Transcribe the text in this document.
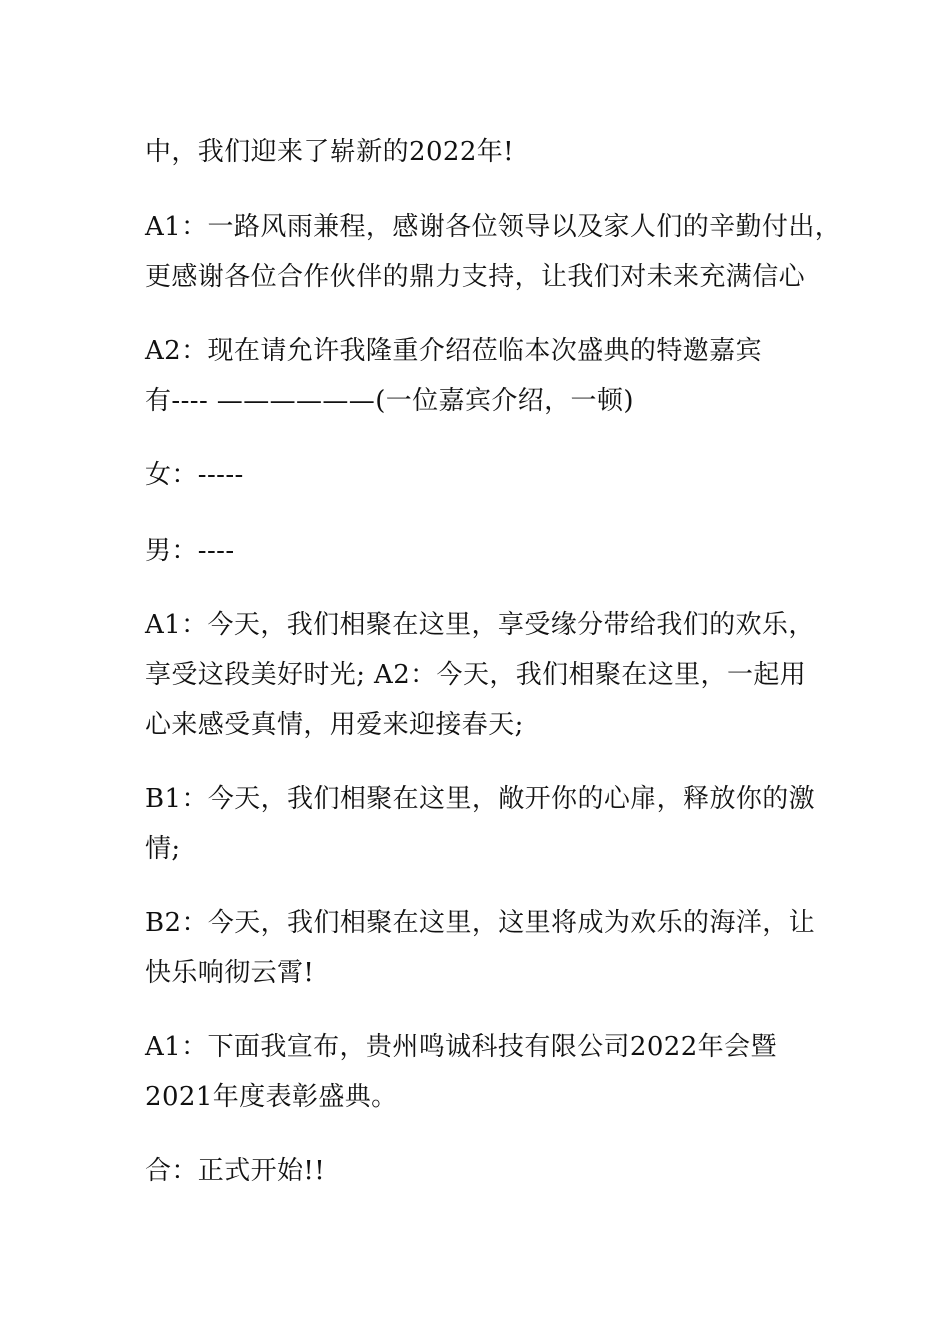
中，我们迎来了崭新的2022年!
A1：一路风雨兼程，感谢各位领导以及家人们的辛勤付出，
更感谢各位合作伙伴的鼎力支持，让我们对未来充满信心
A2：现在请允许我隆重介绍莅临本次盛典的特邀嘉宾
有---- ——————(一位嘉宾介绍，一顿)
女：-----
男：----
A1：今天，我们相聚在这里，享受缘分带给我们的欢乐，
享受这段美好时光; A2：今天，我们相聚在这里，一起用
心来感受真情，用爱来迎接春天;
B1：今天，我们相聚在这里，敞开你的心扉，释放你的激
情;
B2：今天，我们相聚在这里，这里将成为欢乐的海洋，让
快乐响彻云霄!
A1：下面我宣布，贵州鸣诚科技有限公司2022年会暨
2021年度表彰盛典。
合：正式开始!!
